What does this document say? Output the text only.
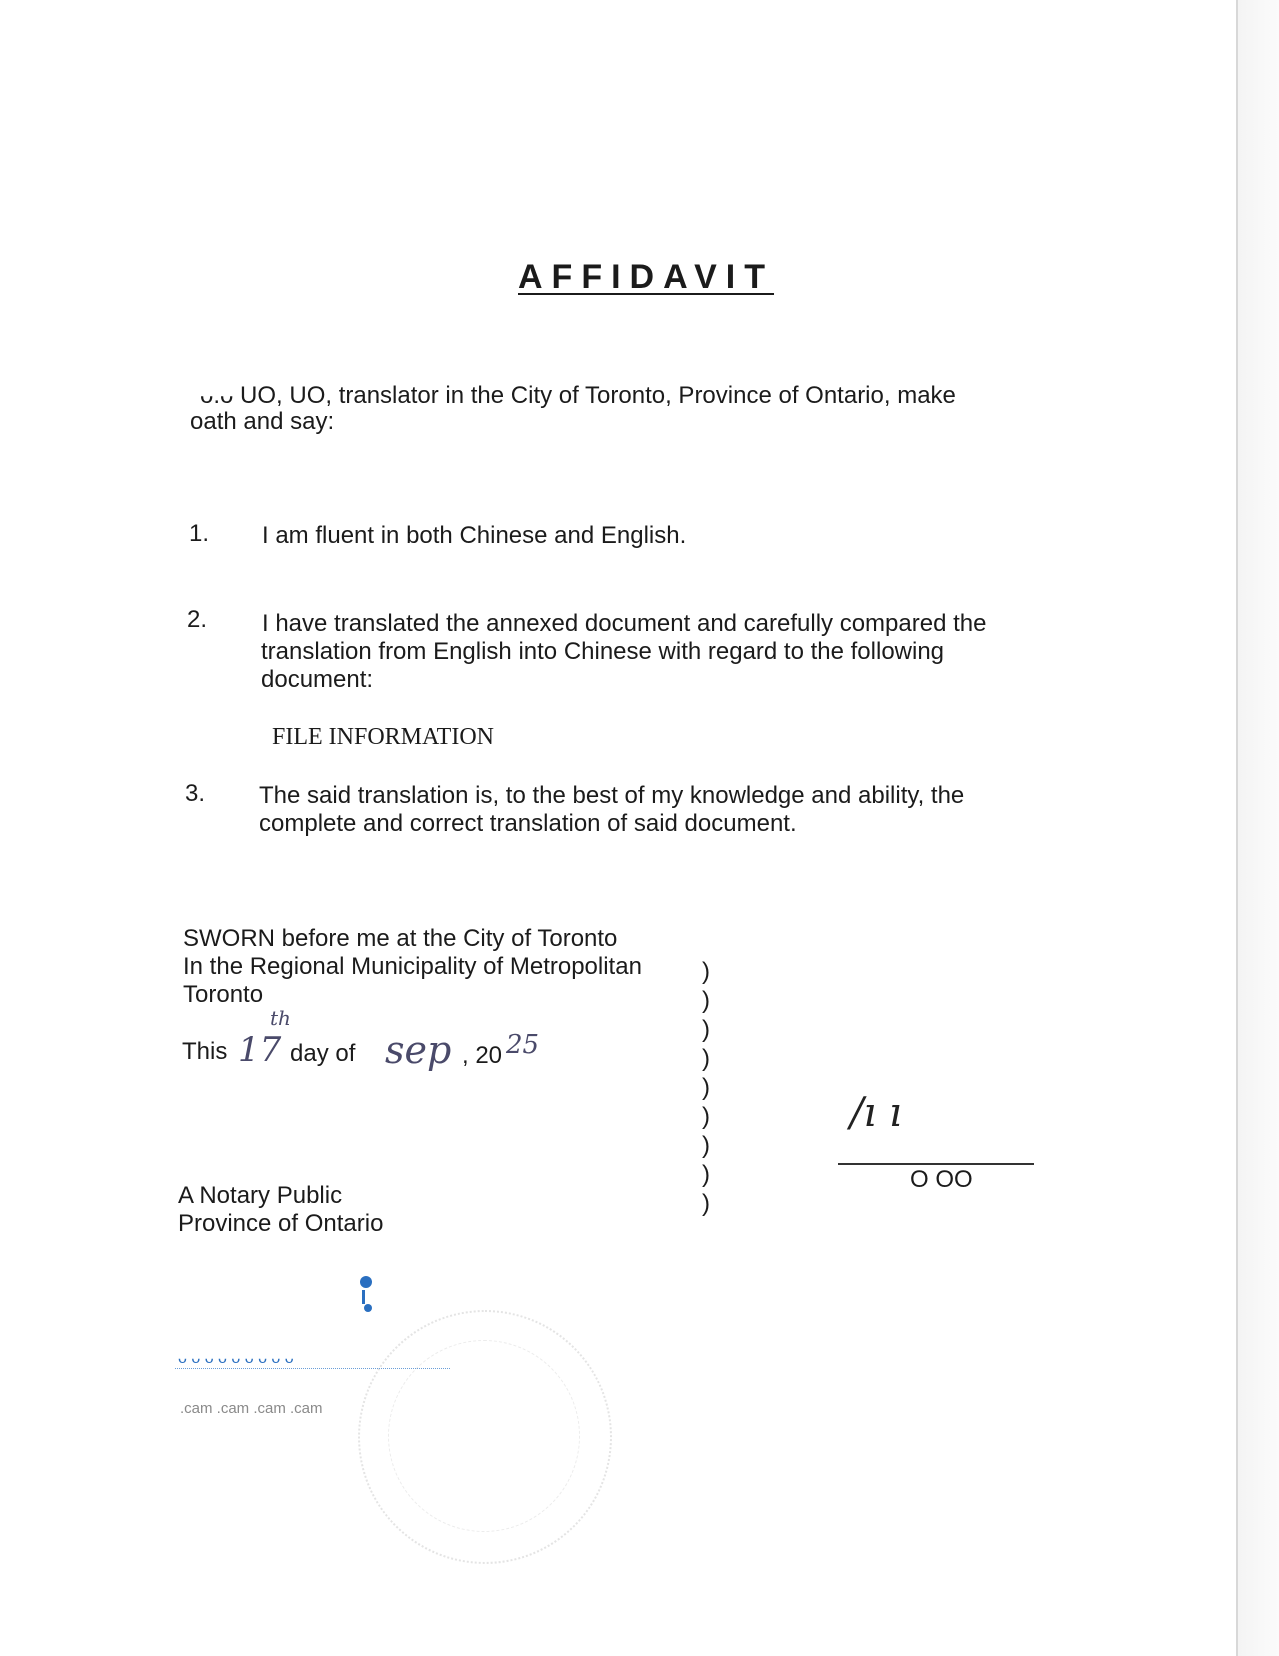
AFFIDAVIT
ᴗ.ᴗ UO, UO, translator in the City of Toronto, Province of Ontario, make
oath and say:
1. I am fluent in both Chinese and English.
2. I have translated the annexed document and carefully compared the
translation from English into Chinese with regard to the following
document:
FILE INFORMATION
3. The said translation is, to the best of my knowledge and ability, the
complete and correct translation of said document.
SWORN before me at the City of Toronto
In the Regional Municipality of Metropolitan
Toronto
This 17
th
day of sep , 20 25
)
)
)
)
)
)
)
)
)
/ı ı
O OO
A Notary Public
Province of Ontario
ᴗ ᴗ ᴗ ᴗ ᴗ ᴗ ᴗ ᴗ ᴗ
.cam .cam .cam .cam
